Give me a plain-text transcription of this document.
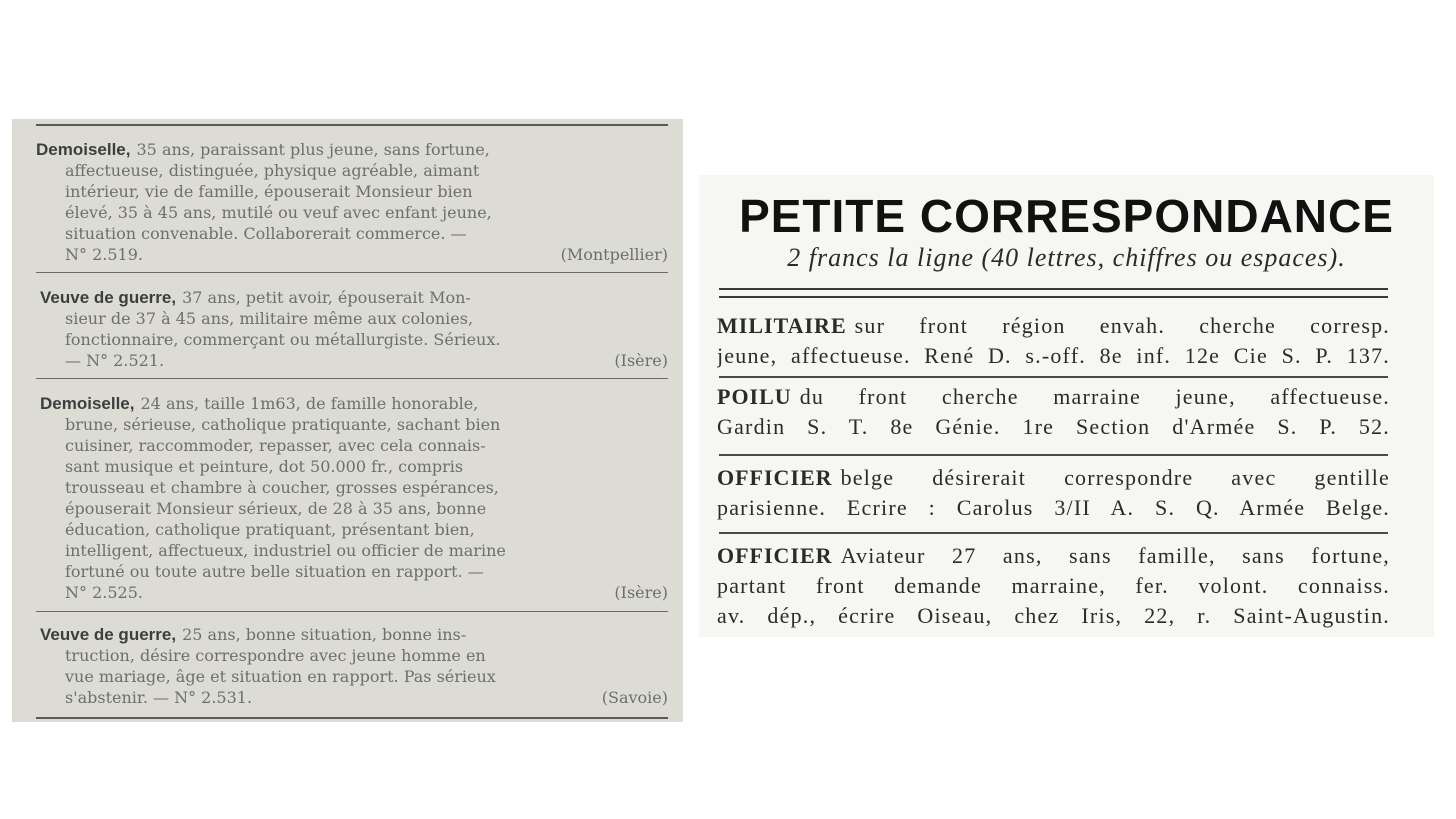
Demoiselle, 35 ans, paraissant plus jeune, sans fortune,
affectueuse, distinguée, physique agréable, aimant
intérieur, vie de famille, épouserait Monsieur bien
élevé, 35 à 45 ans, mutilé ou veuf avec enfant jeune,
situation convenable. Collaborerait commerce. —
N° 2.519.	(Montpellier)
Veuve de guerre, 37 ans, petit avoir, épouserait Mon-
sieur de 37 à 45 ans, militaire même aux colonies,
fonctionnaire, commerçant ou métallurgiste. Sérieux.
— N° 2.521.	(Isère)
Demoiselle, 24 ans, taille 1m63, de famille honorable,
brune, sérieuse, catholique pratiquante, sachant bien
cuisiner, raccommoder, repasser, avec cela connais-
sant musique et peinture, dot 50.000 fr., compris
trousseau et chambre à coucher, grosses espérances,
épouserait Monsieur sérieux, de 28 à 35 ans, bonne
éducation, catholique pratiquant, présentant bien,
intelligent, affectueux, industriel ou officier de marine
fortuné ou toute autre belle situation en rapport. —
N° 2.525.	(Isère)
Veuve de guerre, 25 ans, bonne situation, bonne ins-
truction, désire correspondre avec jeune homme en
vue mariage, âge et situation en rapport. Pas sérieux
s'abstenir. — N° 2.531.	(Savoie)
PETITE CORRESPONDANCE
2 francs la ligne (40 lettres, chiffres ou espaces).
MILITAIRE sur front région envah. cherche corresp.
jeune, affectueuse. René D. s.-off. 8e inf. 12e Cie S. P. 137.
POILU du front cherche marraine jeune, affectueuse.
Gardin S. T. 8e Génie. 1re Section d'Armée S. P. 52.
OFFICIER belge désirerait correspondre avec gentille
parisienne. Ecrire : Carolus 3/II A. S. Q. Armée Belge.
OFFICIER Aviateur 27 ans, sans famille, sans fortune,
partant front demande marraine, fer. volont. connaiss.
av. dép., écrire Oiseau, chez Iris, 22, r. Saint-Augustin.
